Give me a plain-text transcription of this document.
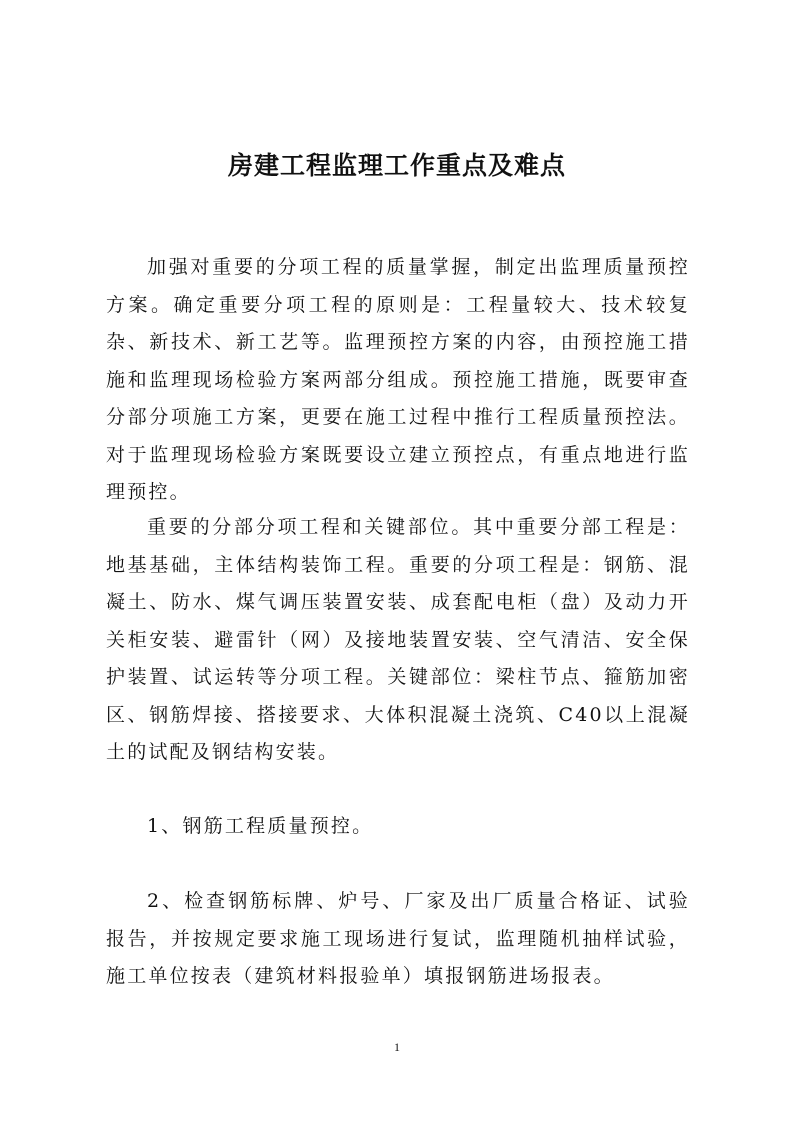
房建工程监理工作重点及难点

加强对重要的分项工程的质量掌握，制定出监理质量预控方案。确定重要分项工程的原则是：工程量较大、技术较复杂、新技术、新工艺等。监理预控方案的内容，由预控施工措施和监理现场检验方案两部分组成。预控施工措施，既要审查分部分项施工方案，更要在施工过程中推行工程质量预控法。对于监理现场检验方案既要设立建立预控点，有重点地进行监理预控。

重要的分部分项工程和关键部位。其中重要分部工程是：地基基础，主体结构装饰工程。重要的分项工程是：钢筋、混凝土、防水、煤气调压装置安装、成套配电柜（盘）及动力开关柜安装、避雷针（网）及接地装置安装、空气清洁、安全保护装置、试运转等分项工程。关键部位：梁柱节点、箍筋加密区、钢筋焊接、搭接要求、大体积混凝土浇筑、C40以上混凝土的试配及钢结构安装。

1、钢筋工程质量预控。

2、检查钢筋标牌、炉号、厂家及出厂质量合格证、试验报告，并按规定要求施工现场进行复试，监理随机抽样试验，施工单位按表（建筑材料报验单）填报钢筋进场报表。

1
